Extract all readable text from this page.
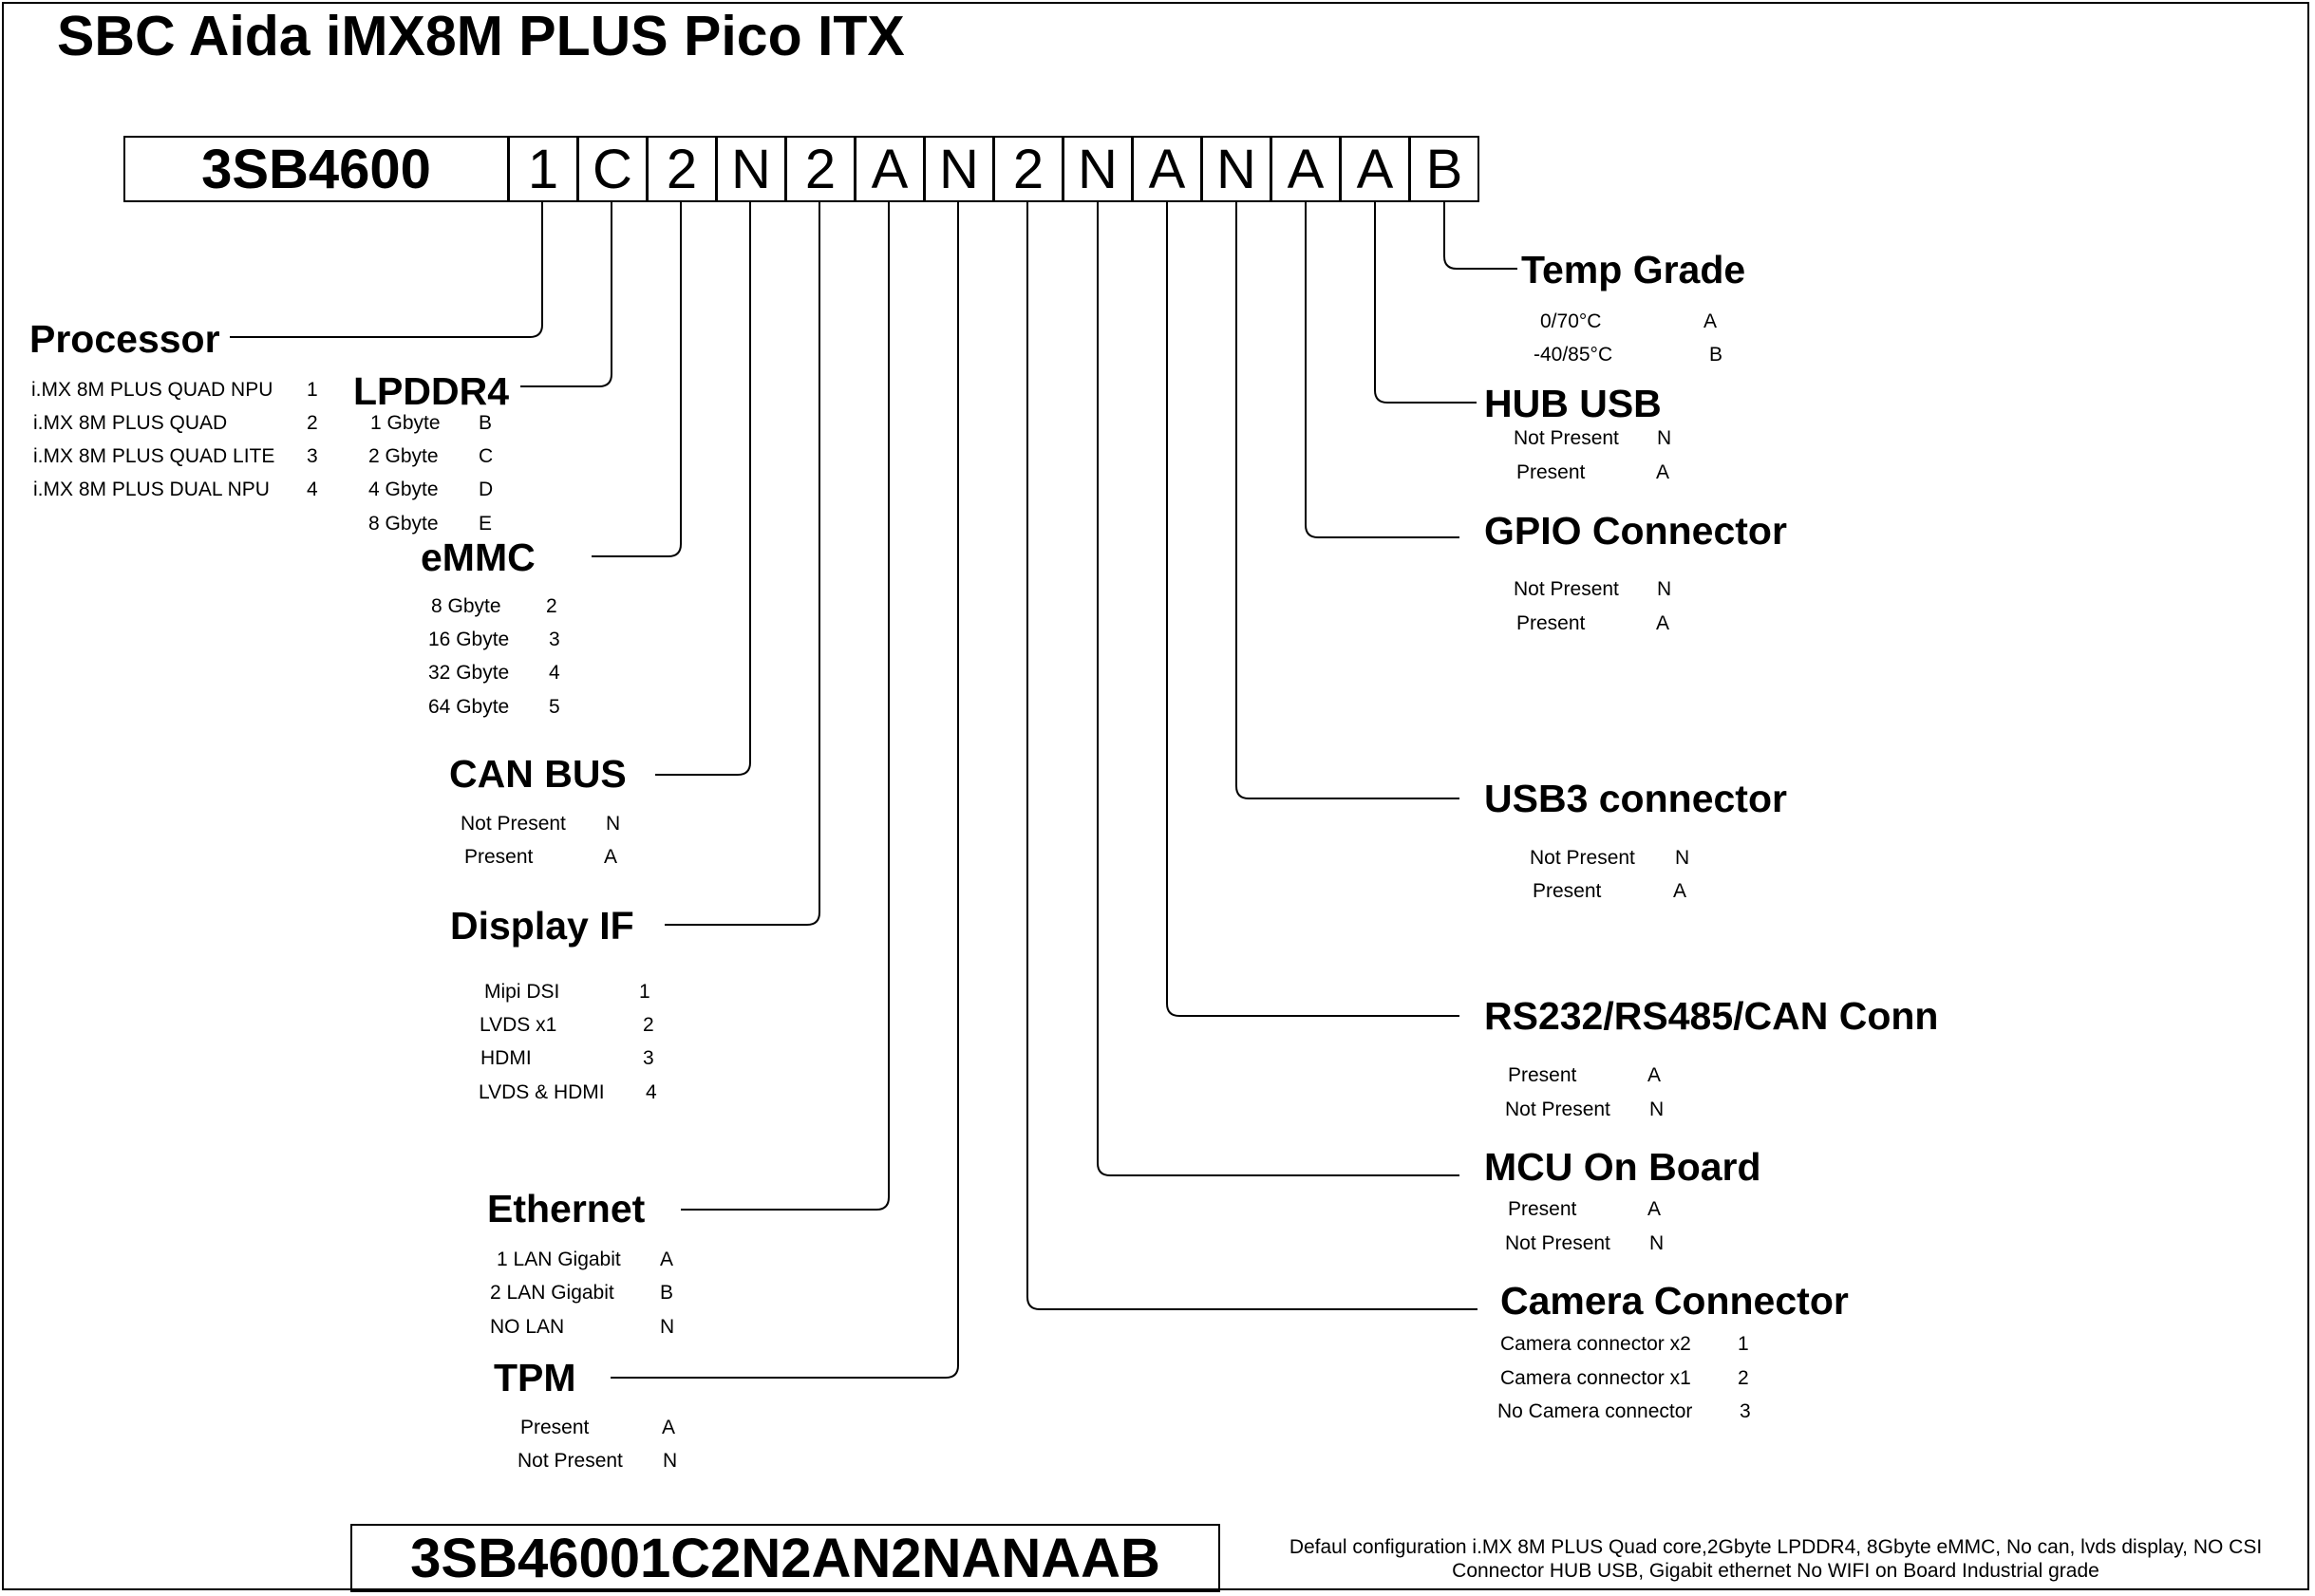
SBC Aida iMX8M PLUS Pico ITX
3SB4600	1 C 2 N 2 A N 2 N A N A A B
Processor
i.MX 8M PLUS QUAD NPU 1
i.MX 8M PLUS QUAD	2
i.MX 8M PLUS QUAD LITE 3
i.MX 8M PLUS DUAL NPU 4
LPDDR4
1 Gbyte B
2 Gbyte C
4 Gbyte D
8 Gbyte E
eMMC
8 Gbyte 2
16 Gbyte 3
32 Gbyte 4
64 Gbyte 5
CAN BUS
Not Present N
Present	A
Display IF
Mipi DSI	1
LVDS x1	2
HDMI	3
LVDS & HDMI 4
Ethernet
1 LAN Gigabit A
2 LAN Gigabit B
NO LAN	N
TPM
Present	A
Not Present N
Temp Grade
0/70°C	A
-40/85°C	B
HUB USB
Not Present N
Present	A
GPIO Connector
Not Present N
Present	A
USB3 connector
Not Present N
Present	A
RS232/RS485/CAN Conn
Present	A
Not Present N
MCU On Board
Present	A
Not Present N
Camera Connector
Camera connector x2 1
Camera connector x1 2
No Camera connector 3
3SB46001C2N2AN2NANAAB	Defaul configuration i.MX 8M PLUS Quad core,2Gbyte LPDDR4, 8Gbyte eMMC, No can, lvds display, NO CSI Connector HUB USB, Gigabit ethernet No WIFI on Board Industrial grade
